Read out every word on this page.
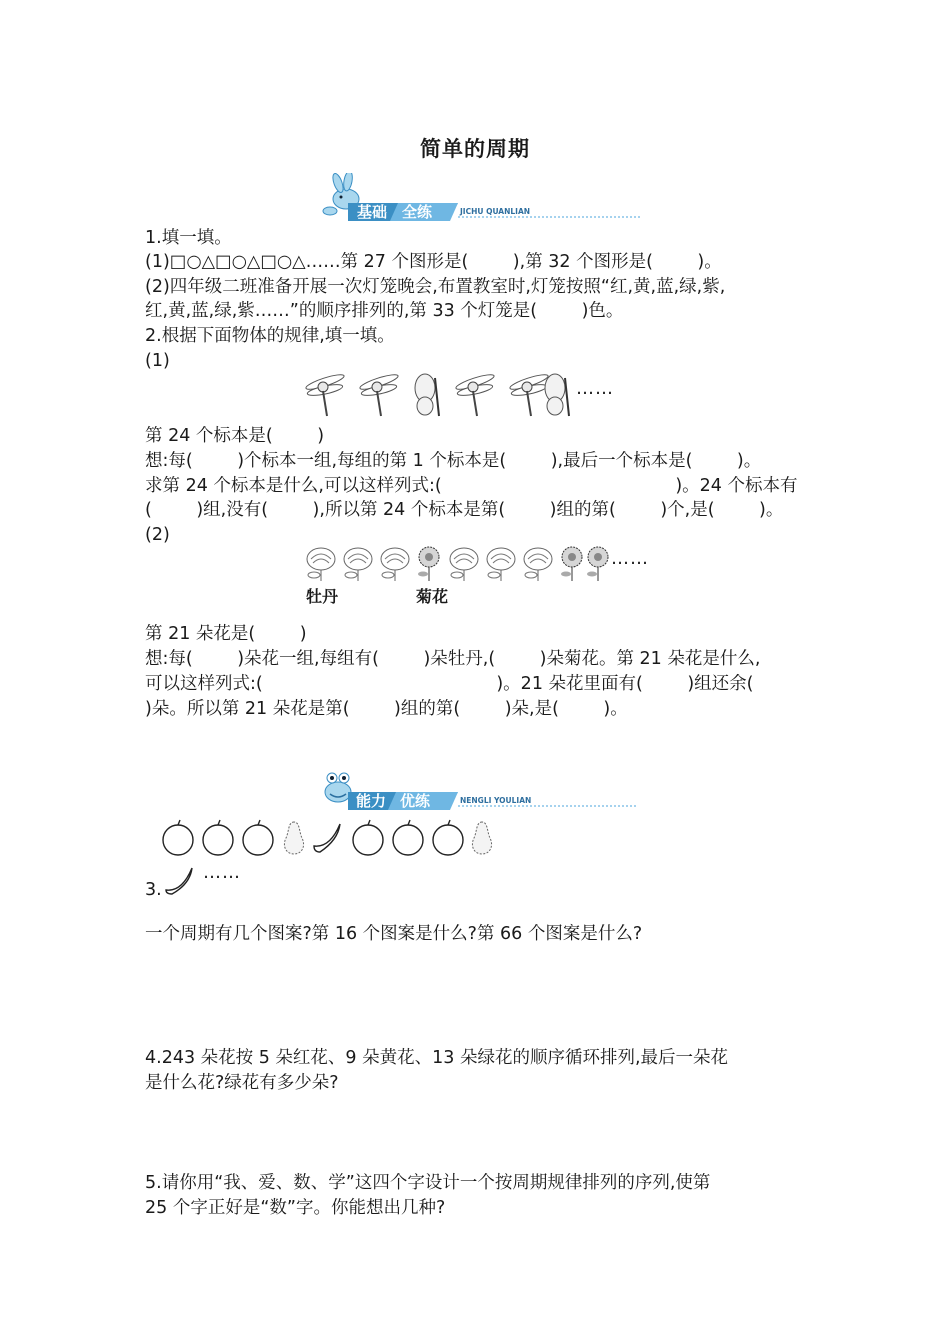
简单的周期
基础 全练	JICHU QUANLIAN
1.填一填。
(1)□○△□○△□○△……第 27 个图形是(        ),第 32 个图形是(        )。
(2)四年级二班准备开展一次灯笼晚会,布置教室时,灯笼按照“红,黄,蓝,绿,紫,
红,黄,蓝,绿,紫……”的顺序排列的,第 33 个灯笼是(        )色。
2.根据下面物体的规律,填一填。
(1)
……
第 24 个标本是(        )
想:每(        )个标本一组,每组的第 1 个标本是(        ),最后一个标本是(        )。
求第 24 个标本是什么,可以这样列式:(                                          )。24 个标本有
(        )组,没有(        ),所以第 24 个标本是第(        )组的第(        )个,是(        )。
(2)
……
牡丹	菊花
第 21 朵花是(        )
想:每(        )朵花一组,每组有(        )朵牡丹,(        )朵菊花。第 21 朵花是什么,
可以这样列式:(                                          )。21 朵花里面有(        )组还余(
)朵。所以第 21 朵花是第(        )组的第(        )朵,是(        )。
能力 优练	NENGLI YOULIAN
3.
……
一个周期有几个图案?第 16 个图案是什么?第 66 个图案是什么?
4.243 朵花按 5 朵红花、9 朵黄花、13 朵绿花的顺序循环排列,最后一朵花
是什么花?绿花有多少朵?
5.请你用“我、爱、数、学”这四个字设计一个按周期规律排列的序列,使第
25 个字正好是“数”字。你能想出几种?
